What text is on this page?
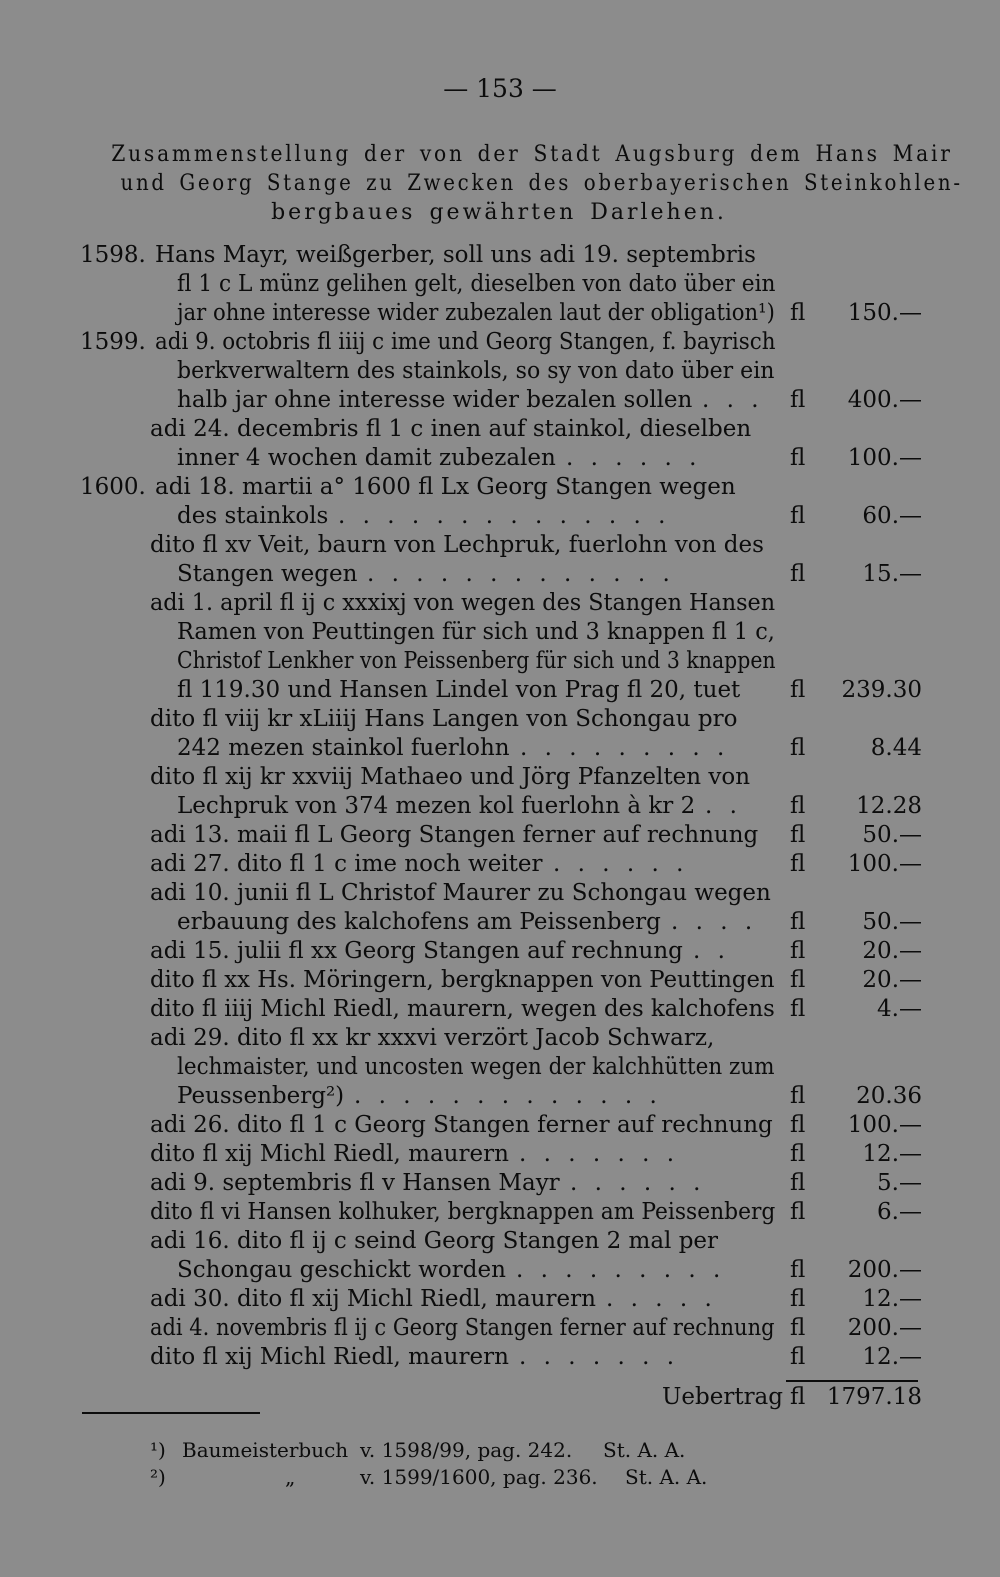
— 153 —
Zusammenstellung der von der Stadt Augsburg dem Hans Mair
und Georg Stange zu Zwecken des oberbayerischen Steinkohlen-
bergbaues gewährten Darlehen.
1598. Hans Mayr, weißgerber, soll uns adi 19. septembris
fl 1 c L münz gelihen gelt, dieselben von dato über ein
jar ohne interesse wider zubezalen laut der obligation¹) fl 150.—
1599. adi 9. octobris fl iiij c ime und Georg Stangen, f. bayrisch
berkverwaltern des stainkols, so sy von dato über ein
halb jar ohne interesse wider bezalen sollen . . . fl 400.—
adi 24. decembris fl 1 c inen auf stainkol, dieselben
inner 4 wochen damit zubezalen . . . . . .	fl 100.—
1600. adi 18. martii a° 1600 fl Lx Georg Stangen wegen
des stainkols . . . . . . . . . . . . . .	fl 60.—
dito fl xv Veit, baurn von Lechpruk, fuerlohn von des
Stangen wegen . . . . . . . . . . . . .	fl 15.—
adi 1. april fl ij c xxxixj von wegen des Stangen Hansen
Ramen von Peuttingen für sich und 3 knappen fl 1 c,
Christof Lenkher von Peissenberg für sich und 3 knappen
fl 119.30 und Hansen Lindel von Prag fl 20, tuet fl 239.30
dito fl viij kr xLiiij Hans Langen von Schongau pro
242 mezen stainkol fuerlohn . . . . . . . . .	fl	8.44
dito fl xij kr xxviij Mathaeo und Jörg Pfanzelten von
Lechpruk von 374 mezen kol fuerlohn à kr 2 . . fl 12.28
adi 13. maii fl L Georg Stangen ferner auf rechnung fl 50.—
adi 27. dito fl 1 c ime noch weiter . . . . . .	fl 100.—
adi 10. junii fl L Christof Maurer zu Schongau wegen
erbauung des kalchofens am Peissenberg . . . . fl 50.—
adi 15. julii fl xx Georg Stangen auf rechnung . .	fl 20.—
dito fl xx Hs. Möringern, bergknappen von Peuttingen fl 20.—
dito fl iiij Michl Riedl, maurern, wegen des kalchofens fl	4.—
adi 29. dito fl xx kr xxxvi verzört Jacob Schwarz,
lechmaister, und uncosten wegen der kalchhütten zum
Peussenberg²) . . . . . . . . . . . . .	fl 20.36
adi 26. dito fl 1 c Georg Stangen ferner auf rechnung fl 100.—
dito fl xij Michl Riedl, maurern . . . . . . .	fl 12.—
adi 9. septembris fl v Hansen Mayr . . . . . .	fl	5.—
dito fl vi Hansen kolhuker, bergknappen am Peissenberg fl	6.—
adi 16. dito fl ij c seind Georg Stangen 2 mal per
Schongau geschickt worden . . . . . . . . .	fl 200.—
adi 30. dito fl xij Michl Riedl, maurern . . . . .	fl 12.—
adi 4. novembris fl ij c Georg Stangen ferner auf rechnung fl 200.—
dito fl xij Michl Riedl, maurern . . . . . . .	fl 12.—
Uebertrag fl 1797.18
¹) Baumeisterbuch v. 1598/99, pag. 242. St. A. A.
²)	„	v. 1599/1600, pag. 236. St. A. A.
